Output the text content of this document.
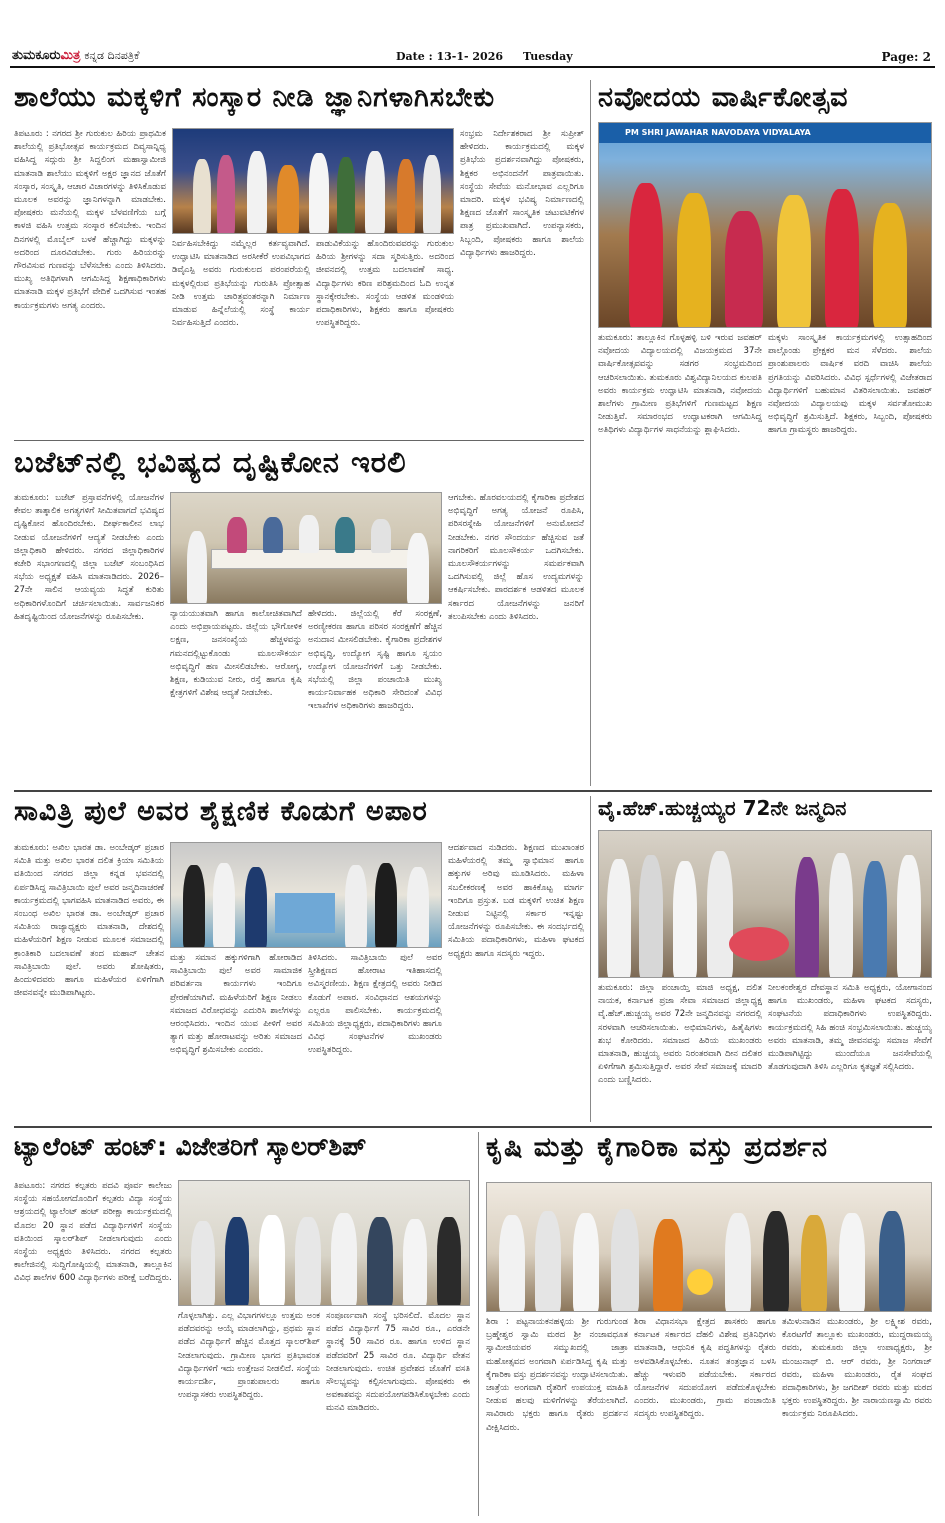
ತುಮಕೂರುಮಿತ್ರ ಕನ್ನಡ ದಿನಪತ್ರಿಕೆ	Date : 13-1- 2026 Tuesday	Page: 2
ಶಾಲೆಯು ಮಕ್ಕಳಿಗೆ ಸಂಸ್ಕಾರ ನೀಡಿ ಜ್ಞಾನಿಗಳಾಗಿಸಬೇಕು
ತಿಪಟೂರು : ನಗರದ ಶ್ರೀ ಗುರುಕುಲ ಹಿರಿಯ ಪ್ರಾಥಮಿಕ ಶಾಲೆಯಲ್ಲಿ ಪ್ರತಿಭೋತ್ಸವ ಕಾರ್ಯಕ್ರಮದ ದಿವ್ಯಸಾನ್ನಿಧ್ಯ ವಹಿಸಿದ್ದ ಸದ್ಗುರು ಶ್ರೀ ಸಿದ್ದಲಿಂಗ ಮಹಾಸ್ವಾಮೀಜಿ ಮಾತನಾಡಿ ಶಾಲೆಯು ಮಕ್ಕಳಿಗೆ ಅಕ್ಷರ ಜ್ಞಾನದ ಜೊತೆಗೆ ಸಂಸ್ಕಾರ, ಸಂಸ್ಕೃತಿ, ಆಚಾರ ವಿಚಾರಗಳನ್ನು ತಿಳಿಸಿಕೊಡುವ ಮೂಲಕ ಅವರನ್ನು ಜ್ಞಾನಿಗಳನ್ನಾಗಿ ಮಾಡಬೇಕು. ಪೋಷಕರು ಮನೆಯಲ್ಲಿ ಮಕ್ಕಳ ಬೆಳವಣಿಗೆಯ ಬಗ್ಗೆ ಕಾಳಜಿ ವಹಿಸಿ ಉತ್ತಮ ಸಂಸ್ಕಾರ ಕಲಿಸಬೇಕು. ಇಂದಿನ ದಿನಗಳಲ್ಲಿ ಮೊಬೈಲ್ ಬಳಕೆ ಹೆಚ್ಚಾಗಿದ್ದು ಮಕ್ಕಳನ್ನು ಅದರಿಂದ ದೂರವಿಡಬೇಕು. ಗುರು ಹಿರಿಯರನ್ನು ಗೌರವಿಸುವ ಗುಣವನ್ನು ಬೆಳೆಸಬೇಕು ಎಂದು ತಿಳಿಸಿದರು. ಮುಖ್ಯ ಅತಿಥಿಗಳಾಗಿ ಆಗಮಿಸಿದ್ದ ಶಿಕ್ಷಣಾಧಿಕಾರಿಗಳು ಮಾತನಾಡಿ ಮಕ್ಕಳ ಪ್ರತಿಭೆಗೆ ವೇದಿಕೆ ಒದಗಿಸುವ ಇಂತಹ ಕಾರ್ಯಕ್ರಮಗಳು ಅಗತ್ಯ ಎಂದರು.
ನಿರ್ವಹಿಸಬೇಕಿದ್ದು ನಮ್ಮೆಲ್ಲರ ಕರ್ತವ್ಯವಾಗಿದೆ. ಉದ್ಘಾಟಿಸಿ ಮಾತನಾಡಿದ ಅರಸೀಕೆರೆ ಉಪವಿಭಾಗದ ಡಿವೈಎಸ್ಪಿ ಅವರು ಗುರುಕುಲದ ಪರಂಪರೆಯಲ್ಲಿ ಮಕ್ಕಳಲ್ಲಿರುವ ಪ್ರತಿಭೆಯನ್ನು ಗುರುತಿಸಿ ಪ್ರೋತ್ಸಾಹ ನೀಡಿ ಉತ್ತಮ ಚಾರಿತ್ರ್ಯವಂತರನ್ನಾಗಿ ನಿರ್ಮಾಣ ಮಾಡುವ ಹಿನ್ನೆಲೆಯಲ್ಲಿ ಸಂಸ್ಥೆ ಕಾರ್ಯ ನಿರ್ವಹಿಸುತ್ತಿದೆ ಎಂದರು.
ಪಾಡುವಿಕೆಯನ್ನು ಹೊಂದಿರುವವರನ್ನು ಗುರುಕುಲ ಹಿರಿಯ ಶ್ರೀಗಳನ್ನು ಸದಾ ಸ್ಮರಿಸುತ್ತಿರು. ಅದರಿಂದ ಜೀವನದಲ್ಲಿ ಉತ್ತಮ ಬದಲಾವಣೆ ಸಾಧ್ಯ. ವಿದ್ಯಾರ್ಥಿಗಳು ಕಠಿಣ ಪರಿಶ್ರಮದಿಂದ ಓದಿ ಉನ್ನತ ಸ್ಥಾನಕ್ಕೇರಬೇಕು. ಸಂಸ್ಥೆಯ ಆಡಳಿತ ಮಂಡಳಿಯ ಪದಾಧಿಕಾರಿಗಳು, ಶಿಕ್ಷಕರು ಹಾಗೂ ಪೋಷಕರು ಉಪಸ್ಥಿತರಿದ್ದರು.
ಸಂಭ್ರಮ ನಿರ್ದೇಶಕರಾದ ಶ್ರೀ ಸುಪ್ರೀತ್ ಹೇಳಿದರು. ಕಾರ್ಯಕ್ರಮದಲ್ಲಿ ಮಕ್ಕಳ ಪ್ರತಿಭೆಯ ಪ್ರದರ್ಶನವಾಗಿದ್ದು ಪೋಷಕರು, ಶಿಕ್ಷಕರ ಅಭಿನಂದನೆಗೆ ಪಾತ್ರವಾಯಿತು. ಸಂಸ್ಥೆಯ ಸೇವೆಯ ಮನೋಭಾವ ಎಲ್ಲರಿಗೂ ಮಾದರಿ. ಮಕ್ಕಳ ಭವಿಷ್ಯ ನಿರ್ಮಾಣದಲ್ಲಿ ಶಿಕ್ಷಣದ ಜೊತೆಗೆ ಸಾಂಸ್ಕೃತಿಕ ಚಟುವಟಿಕೆಗಳ ಪಾತ್ರ ಪ್ರಮುಖವಾಗಿದೆ. ಉಪನ್ಯಾಸಕರು, ಸಿಬ್ಬಂದಿ, ಪೋಷಕರು ಹಾಗೂ ಶಾಲೆಯ ವಿದ್ಯಾರ್ಥಿಗಳು ಹಾಜರಿದ್ದರು.
ನವೋದಯ ವಾರ್ಷಿಕೋತ್ಸವ
PM SHRI JAWAHAR NAVODAYA VIDYALAYA
ತುಮಕೂರು: ತಾಲ್ಲೂಕಿನ ಗೊಳ್ಳಹಳ್ಳಿ ಬಳಿ ಇರುವ ಜವಹರ್ ನವೋದಯ ವಿದ್ಯಾಲಯದಲ್ಲಿ ವಿಜಯಕ್ರಮದ 37ನೇ ವಾರ್ಷಿಕೋತ್ಸವವನ್ನು ಸಡಗರ ಸಂಭ್ರಮದಿಂದ ಆಚರಿಸಲಾಯಿತು. ತುಮಕೂರು ವಿಶ್ವವಿದ್ಯಾನಿಲಯದ ಕುಲಪತಿ ಅವರು ಕಾರ್ಯಕ್ರಮ ಉದ್ಘಾಟಿಸಿ ಮಾತನಾಡಿ, ನವೋದಯ ಶಾಲೆಗಳು ಗ್ರಾಮೀಣ ಪ್ರತಿಭೆಗಳಿಗೆ ಗುಣಮಟ್ಟದ ಶಿಕ್ಷಣ ನೀಡುತ್ತಿವೆ. ಸಮಾರಂಭದ ಉದ್ಘಾಟಕರಾಗಿ ಆಗಮಿಸಿದ್ದ ಅತಿಥಿಗಳು ವಿದ್ಯಾರ್ಥಿಗಳ ಸಾಧನೆಯನ್ನು ಶ್ಲಾಘಿಸಿದರು.
ಮಕ್ಕಳು ಸಾಂಸ್ಕೃತಿಕ ಕಾರ್ಯಕ್ರಮಗಳಲ್ಲಿ ಉತ್ಸಾಹದಿಂದ ಪಾಲ್ಗೊಂಡು ಪ್ರೇಕ್ಷಕರ ಮನ ಸೆಳೆದರು. ಶಾಲೆಯ ಪ್ರಾಂಶುಪಾಲರು ವಾರ್ಷಿಕ ವರದಿ ವಾಚಿಸಿ ಶಾಲೆಯ ಪ್ರಗತಿಯನ್ನು ವಿವರಿಸಿದರು. ವಿವಿಧ ಸ್ಪರ್ಧೆಗಳಲ್ಲಿ ವಿಜೇತರಾದ ವಿದ್ಯಾರ್ಥಿಗಳಿಗೆ ಬಹುಮಾನ ವಿತರಿಸಲಾಯಿತು. ಜವಹರ್ ನವೋದಯ ವಿದ್ಯಾಲಯವು ಮಕ್ಕಳ ಸರ್ವತೋಮುಖ ಅಭಿವೃದ್ಧಿಗೆ ಶ್ರಮಿಸುತ್ತಿದೆ. ಶಿಕ್ಷಕರು, ಸಿಬ್ಬಂದಿ, ಪೋಷಕರು ಹಾಗೂ ಗ್ರಾಮಸ್ಥರು ಹಾಜರಿದ್ದರು.
ಬಜೆಟ್‌ನಲ್ಲಿ ಭವಿಷ್ಯದ ದೃಷ್ಟಿಕೋನ ಇರಲಿ
ತುಮಕೂರು: ಬಜೆಟ್ ಪ್ರಸ್ತಾವನೆಗಳಲ್ಲಿ ಯೋಜನೆಗಳ ಕೇವಲ ತಾತ್ಕಾಲಿಕ ಅಗತ್ಯಗಳಿಗೆ ಸೀಮಿತವಾಗದೆ ಭವಿಷ್ಯದ ದೃಷ್ಟಿಕೋನ ಹೊಂದಿರಬೇಕು. ದೀರ್ಘಕಾಲೀನ ಲಾಭ ನೀಡುವ ಯೋಜನೆಗಳಿಗೆ ಆದ್ಯತೆ ನೀಡಬೇಕು ಎಂದು ಜಿಲ್ಲಾಧಿಕಾರಿ ಹೇಳಿದರು. ನಗರದ ಜಿಲ್ಲಾಧಿಕಾರಿಗಳ ಕಚೇರಿ ಸಭಾಂಗಣದಲ್ಲಿ ಜಿಲ್ಲಾ ಬಜೆಟ್ ಸಂಬಂಧಿಸಿದ ಸಭೆಯ ಅಧ್ಯಕ್ಷತೆ ವಹಿಸಿ ಮಾತನಾಡಿದರು. 2026–27ನೇ ಸಾಲಿನ ಆಯವ್ಯಯ ಸಿದ್ಧತೆ ಕುರಿತು ಅಧಿಕಾರಿಗಳೊಂದಿಗೆ ಚರ್ಚಿಸಲಾಯಿತು. ಸಾರ್ವಜನಿಕರ ಹಿತದೃಷ್ಟಿಯಿಂದ ಯೋಜನೆಗಳನ್ನು ರೂಪಿಸಬೇಕು.	ನ್ಯಾಯಯುತವಾಗಿ ಹಾಗೂ ಕಾಲೋಚಿತವಾಗಿದೆ ಎಂದು ಅಭಿಪ್ರಾಯಪಟ್ಟರು. ಜಿಲ್ಲೆಯ ಭೌಗೋಳಿಕ ಲಕ್ಷಣ, ಜನಸಂಖ್ಯೆಯ ಹೆಚ್ಚಳವನ್ನು ಗಮನದಲ್ಲಿಟ್ಟುಕೊಂಡು ಮೂಲಸೌಕರ್ಯ ಅಭಿವೃದ್ಧಿಗೆ ಹಣ ಮೀಸಲಿಡಬೇಕು. ಆರೋಗ್ಯ, ಶಿಕ್ಷಣ, ಕುಡಿಯುವ ನೀರು, ರಸ್ತೆ ಹಾಗೂ ಕೃಷಿ ಕ್ಷೇತ್ರಗಳಿಗೆ ವಿಶೇಷ ಆದ್ಯತೆ ನೀಡಬೇಕು.
ಹೇಳಿದರು. ಜಿಲ್ಲೆಯಲ್ಲಿ ಕೆರೆ ಸಂರಕ್ಷಣೆ, ಅರಣ್ಯೀಕರಣ ಹಾಗೂ ಪರಿಸರ ಸಂರಕ್ಷಣೆಗೆ ಹೆಚ್ಚಿನ ಅನುದಾನ ಮೀಸಲಿಡಬೇಕು. ಕೈಗಾರಿಕಾ ಪ್ರದೇಶಗಳ ಅಭಿವೃದ್ಧಿ, ಉದ್ಯೋಗ ಸೃಷ್ಟಿ ಹಾಗೂ ಸ್ವಯಂ ಉದ್ಯೋಗ ಯೋಜನೆಗಳಿಗೆ ಒತ್ತು ನೀಡಬೇಕು. ಸಭೆಯಲ್ಲಿ ಜಿಲ್ಲಾ ಪಂಚಾಯಿತಿ ಮುಖ್ಯ ಕಾರ್ಯನಿರ್ವಾಹಕ ಅಧಿಕಾರಿ ಸೇರಿದಂತೆ ವಿವಿಧ ಇಲಾಖೆಗಳ ಅಧಿಕಾರಿಗಳು ಹಾಜರಿದ್ದರು.
ಆಗಬೇಕು. ಹೊರವಲಯದಲ್ಲಿ ಕೈಗಾರಿಕಾ ಪ್ರದೇಶದ ಅಭಿವೃದ್ಧಿಗೆ ಅಗತ್ಯ ಯೋಜನೆ ರೂಪಿಸಿ, ಪರಿಸರಸ್ನೇಹಿ ಯೋಜನೆಗಳಿಗೆ ಅನುಮೋದನೆ ನೀಡಬೇಕು. ನಗರ ಸೌಂದರ್ಯ ಹೆಚ್ಚಿಸುವ ಜತೆ ನಾಗರಿಕರಿಗೆ ಮೂಲಸೌಕರ್ಯ ಒದಗಿಸಬೇಕು. ಮೂಲಸೌಕರ್ಯಗಳನ್ನು ಸಮರ್ಪಕವಾಗಿ ಒದಗಿಸುವಲ್ಲಿ ಜಿಲ್ಲೆ ಹೊಸ ಉದ್ಯಮಗಳನ್ನು ಆಕರ್ಷಿಸಬೇಕು. ಪಾರದರ್ಶಕ ಆಡಳಿತದ ಮೂಲಕ ಸರ್ಕಾರದ ಯೋಜನೆಗಳನ್ನು ಜನರಿಗೆ ತಲುಪಿಸಬೇಕು ಎಂದು ತಿಳಿಸಿದರು.
ಸಾವಿತ್ರಿ ಪುಲೆ ಅವರ ಶೈಕ್ಷಣಿಕ ಕೊಡುಗೆ ಅಪಾರ
ತುಮಕೂರು: ಅಖಿಲ ಭಾರತ ಡಾ. ಅಂಬೇಡ್ಕರ್ ಪ್ರಚಾರ ಸಮಿತಿ ಮತ್ತು ಅಖಿಲ ಭಾರತ ದಲಿತ ಕ್ರಿಯಾ ಸಮಿತಿಯ ವತಿಯಿಂದ ನಗರದ ಜಿಲ್ಲಾ ಕನ್ನಡ ಭವನದಲ್ಲಿ ಏರ್ಪಡಿಸಿದ್ದ ಸಾವಿತ್ರಿಬಾಯಿ ಪುಲೆ ಅವರ ಜನ್ಮದಿನಾಚರಣೆ ಕಾರ್ಯಕ್ರಮದಲ್ಲಿ ಭಾಗವಹಿಸಿ ಮಾತನಾಡಿದ ಅವರು, ಈ ಸಂಬಂಧ ಅಖಿಲ ಭಾರತ ಡಾ. ಅಂಬೇಡ್ಕರ್ ಪ್ರಚಾರ ಸಮಿತಿಯ ರಾಜ್ಯಾಧ್ಯಕ್ಷರು ಮಾತನಾಡಿ, ದೇಶದಲ್ಲಿ ಮಹಿಳೆಯರಿಗೆ ಶಿಕ್ಷಣ ನೀಡುವ ಮೂಲಕ ಸಮಾಜದಲ್ಲಿ ಕ್ರಾಂತಿಕಾರಿ ಬದಲಾವಣೆ ತಂದ ಮಹಾನ್ ಚೇತನ ಸಾವಿತ್ರಿಬಾಯಿ ಪುಲೆ. ಅವರು ಶೋಷಿತರು, ಹಿಂದುಳಿದವರು ಹಾಗೂ ಮಹಿಳೆಯರ ಏಳಿಗೆಗಾಗಿ ಜೀವನವನ್ನೇ ಮುಡಿಪಾಗಿಟ್ಟರು.
ಮತ್ತು ಸಮಾನ ಹಕ್ಕುಗಳಿಗಾಗಿ ಹೋರಾಡಿದ ಸಾವಿತ್ರಿಬಾಯಿ ಪುಲೆ ಅವರ ಸಾಮಾಜಿಕ ಪರಿವರ್ತನಾ ಕಾರ್ಯಗಳು ಇಂದಿಗೂ ಪ್ರೇರಣೆಯಾಗಿವೆ. ಮಹಿಳೆಯರಿಗೆ ಶಿಕ್ಷಣ ನೀಡಲು ಸಮಾಜದ ವಿರೋಧವನ್ನು ಎದುರಿಸಿ ಶಾಲೆಗಳನ್ನು ಆರಂಭಿಸಿದರು. ಇಂದಿನ ಯುವ ಪೀಳಿಗೆ ಅವರ ತ್ಯಾಗ ಮತ್ತು ಹೋರಾಟವನ್ನು ಅರಿತು ಸಮಾಜದ ಅಭಿವೃದ್ಧಿಗೆ ಶ್ರಮಿಸಬೇಕು ಎಂದರು.
ತಿಳಿಸಿದರು. ಸಾವಿತ್ರಿಬಾಯಿ ಪುಲೆ ಅವರ ಸ್ತ್ರೀಶಿಕ್ಷಣದ ಹೋರಾಟ ಇತಿಹಾಸದಲ್ಲಿ ಅವಿಸ್ಮರಣೀಯ. ಶಿಕ್ಷಣ ಕ್ಷೇತ್ರದಲ್ಲಿ ಅವರು ನೀಡಿದ ಕೊಡುಗೆ ಅಪಾರ. ಸಂವಿಧಾನದ ಆಶಯಗಳನ್ನು ಎಲ್ಲರೂ ಪಾಲಿಸಬೇಕು. ಕಾರ್ಯಕ್ರಮದಲ್ಲಿ ಸಮಿತಿಯ ಜಿಲ್ಲಾಧ್ಯಕ್ಷರು, ಪದಾಧಿಕಾರಿಗಳು ಹಾಗೂ ವಿವಿಧ ಸಂಘಟನೆಗಳ ಮುಖಂಡರು ಉಪಸ್ಥಿತರಿದ್ದರು.
ಆದರ್ಶವಾದ ನುಡಿದರು. ಶಿಕ್ಷಣದ ಮುಖಾಂತರ ಮಹಿಳೆಯರಲ್ಲಿ ತಮ್ಮ ಸ್ವಾಭಿಮಾನ ಹಾಗೂ ಹಕ್ಕುಗಳ ಅರಿವು ಮೂಡಿಸಿದರು. ಮಹಿಳಾ ಸಬಲೀಕರಣಕ್ಕೆ ಅವರ ಹಾಕಿಕೊಟ್ಟ ಮಾರ್ಗ ಇಂದಿಗೂ ಪ್ರಸ್ತುತ. ಬಡ ಮಕ್ಕಳಿಗೆ ಉಚಿತ ಶಿಕ್ಷಣ ನೀಡುವ ನಿಟ್ಟಿನಲ್ಲಿ ಸರ್ಕಾರ ಇನ್ನಷ್ಟು ಯೋಜನೆಗಳನ್ನು ರೂಪಿಸಬೇಕು. ಈ ಸಂದರ್ಭದಲ್ಲಿ ಸಮಿತಿಯ ಪದಾಧಿಕಾರಿಗಳು, ಮಹಿಳಾ ಘಟಕದ ಅಧ್ಯಕ್ಷರು ಹಾಗೂ ಸದಸ್ಯರು ಇದ್ದರು.
ವೈ.ಹೆಚ್.ಹುಚ್ಚಯ್ಯರ 72ನೇ ಜನ್ಮದಿನ
ತುಮಕೂರು: ಜಿಲ್ಲಾ ಪಂಚಾಯ್ತಿ ಮಾಜಿ ಅಧ್ಯಕ್ಷ, ದಲಿತ ನಾಯಕ, ಕರ್ನಾಟಕ ಪ್ರಜಾ ಸೇವಾ ಸಮಾಜದ ಜಿಲ್ಲಾಧ್ಯಕ್ಷ ವೈ.ಹೆಚ್.ಹುಚ್ಚಯ್ಯ ಅವರ 72ನೇ ಜನ್ಮದಿನವನ್ನು ನಗರದಲ್ಲಿ ಸರಳವಾಗಿ ಆಚರಿಸಲಾಯಿತು. ಅಭಿಮಾನಿಗಳು, ಹಿತೈಷಿಗಳು ಶುಭ ಕೋರಿದರು. ಸಮಾಜದ ಹಿರಿಯ ಮುಖಂಡರು ಮಾತನಾಡಿ, ಹುಚ್ಚಯ್ಯ ಅವರು ನಿರಂತರವಾಗಿ ದೀನ ದಲಿತರ ಏಳಿಗೆಗಾಗಿ ಶ್ರಮಿಸುತ್ತಿದ್ದಾರೆ. ಅವರ ಸೇವೆ ಸಮಾಜಕ್ಕೆ ಮಾದರಿ ಎಂದು ಬಣ್ಣಿಸಿದರು.
ನೀಲಕಂಠೇಶ್ವರ ದೇವಸ್ಥಾನ ಸಮಿತಿ ಅಧ್ಯಕ್ಷರು, ಯೋಗಾನಂದ ಹಾಗೂ ಮುಖಂಡರು, ಮಹಿಳಾ ಘಟಕದ ಸದಸ್ಯರು, ಸಂಘಟನೆಯ ಪದಾಧಿಕಾರಿಗಳು ಉಪಸ್ಥಿತರಿದ್ದರು. ಕಾರ್ಯಕ್ರಮದಲ್ಲಿ ಸಿಹಿ ಹಂಚಿ ಸಂಭ್ರಮಿಸಲಾಯಿತು. ಹುಚ್ಚಯ್ಯ ಅವರು ಮಾತನಾಡಿ, ತಮ್ಮ ಜೀವನವನ್ನು ಸಮಾಜ ಸೇವೆಗೆ ಮುಡಿಪಾಗಿಟ್ಟಿದ್ದು ಮುಂದೆಯೂ ಜನಸೇವೆಯಲ್ಲಿ ತೊಡಗುವುದಾಗಿ ತಿಳಿಸಿ ಎಲ್ಲರಿಗೂ ಕೃತಜ್ಞತೆ ಸಲ್ಲಿಸಿದರು.
ಟ್ಯಾಲೆಂಟ್ ಹಂಟ್: ವಿಜೇತರಿಗೆ ಸ್ಕಾಲರ್‌ಶಿಪ್
ತಿಪಟೂರು: ನಗರದ ಕಲ್ಪತರು ಪದವಿ ಪೂರ್ವ ಕಾಲೇಜು ಸಂಸ್ಥೆಯ ಸಹಯೋಗದೊಂದಿಗೆ ಕಲ್ಪತರು ವಿದ್ಯಾ ಸಂಸ್ಥೆಯ ಆಶ್ರಯದಲ್ಲಿ ಟ್ಯಾಲೆಂಟ್ ಹಂಟ್ ಪರೀಕ್ಷಾ ಕಾರ್ಯಕ್ರಮದಲ್ಲಿ ಮೊದಲ 20 ಸ್ಥಾನ ಪಡೆದ ವಿದ್ಯಾರ್ಥಿಗಳಿಗೆ ಸಂಸ್ಥೆಯ ವತಿಯಿಂದ ಸ್ಕಾಲರ್‌ಶಿಪ್ ನೀಡಲಾಗುವುದು ಎಂದು ಸಂಸ್ಥೆಯ ಅಧ್ಯಕ್ಷರು ತಿಳಿಸಿದರು. ನಗರದ ಕಲ್ಪತರು ಕಾಲೇಜಿನಲ್ಲಿ ಸುದ್ದಿಗೋಷ್ಠಿಯಲ್ಲಿ ಮಾತನಾಡಿ, ತಾಲ್ಲೂಕಿನ ವಿವಿಧ ಶಾಲೆಗಳ 600 ವಿದ್ಯಾರ್ಥಿಗಳು ಪರೀಕ್ಷೆ ಬರೆದಿದ್ದರು.
ಗೊಳ್ಳಲಾಗಿತ್ತು. ಎಲ್ಲ ವಿಭಾಗಗಳಲ್ಲೂ ಉತ್ತಮ ಅಂಕ ಪಡೆದವರನ್ನು ಆಯ್ಕೆ ಮಾಡಲಾಗಿದ್ದು, ಪ್ರಥಮ ಸ್ಥಾನ ಪಡೆದ ವಿದ್ಯಾರ್ಥಿಗೆ ಹೆಚ್ಚಿನ ಮೊತ್ತದ ಸ್ಕಾಲರ್‌ಶಿಪ್ ನೀಡಲಾಗುವುದು. ಗ್ರಾಮೀಣ ಭಾಗದ ಪ್ರತಿಭಾವಂತ ವಿದ್ಯಾರ್ಥಿಗಳಿಗೆ ಇದು ಉತ್ತೇಜನ ನೀಡಲಿದೆ. ಸಂಸ್ಥೆಯ ಕಾರ್ಯದರ್ಶಿ, ಪ್ರಾಂಶುಪಾಲರು ಹಾಗೂ ಉಪನ್ಯಾಸಕರು ಉಪಸ್ಥಿತರಿದ್ದರು.
ಸಂಪೂರ್ಣವಾಗಿ ಸಂಸ್ಥೆ ಭರಿಸಲಿದೆ. ಮೊದಲ ಸ್ಥಾನ ಪಡೆದ ವಿದ್ಯಾರ್ಥಿಗೆ 75 ಸಾವಿರ ರೂ., ಎರಡನೇ ಸ್ಥಾನಕ್ಕೆ 50 ಸಾವಿರ ರೂ. ಹಾಗೂ ಉಳಿದ ಸ್ಥಾನ ಪಡೆದವರಿಗೆ 25 ಸಾವಿರ ರೂ. ವಿದ್ಯಾರ್ಥಿ ವೇತನ ನೀಡಲಾಗುವುದು. ಉಚಿತ ಪ್ರವೇಶದ ಜೊತೆಗೆ ವಸತಿ ಸೌಲಭ್ಯವನ್ನು ಕಲ್ಪಿಸಲಾಗುವುದು. ಪೋಷಕರು ಈ ಅವಕಾಶವನ್ನು ಸದುಪಯೋಗಪಡಿಸಿಕೊಳ್ಳಬೇಕು ಎಂದು ಮನವಿ ಮಾಡಿದರು.
ಕೃಷಿ ಮತ್ತು ಕೈಗಾರಿಕಾ ವಸ್ತು ಪ್ರದರ್ಶನ
ಶಿರಾ : ಪಟ್ಟನಾಯಕನಹಳ್ಳಿಯ ಶ್ರೀ ಗುರುಗುಂಡ ಬ್ರಹ್ಮೇಶ್ವರ ಸ್ವಾಮಿ ಮಠದ ಶ್ರೀ ನಂಜಾವಧೂತ ಸ್ವಾಮೀಜಿಯವರ ಸಮ್ಮುಖದಲ್ಲಿ ಜಾತ್ರಾ ಮಹೋತ್ಸವದ ಅಂಗವಾಗಿ ಏರ್ಪಡಿಸಿದ್ದ ಕೃಷಿ ಮತ್ತು ಕೈಗಾರಿಕಾ ವಸ್ತು ಪ್ರದರ್ಶನವನ್ನು ಉದ್ಘಾಟಿಸಲಾಯಿತು. ಜಾತ್ರೆಯ ಅಂಗವಾಗಿ ರೈತರಿಗೆ ಉಪಯುಕ್ತ ಮಾಹಿತಿ ನೀಡುವ ಹಲವು ಮಳಿಗೆಗಳನ್ನು ತೆರೆಯಲಾಗಿದೆ. ಸಾವಿರಾರು ಭಕ್ತರು ಹಾಗೂ ರೈತರು ಪ್ರದರ್ಶನ ವೀಕ್ಷಿಸಿದರು.
ಶಿರಾ ವಿಧಾನಸಭಾ ಕ್ಷೇತ್ರದ ಶಾಸಕರು ಹಾಗೂ ಕರ್ನಾಟಕ ಸರ್ಕಾರದ ದೆಹಲಿ ವಿಶೇಷ ಪ್ರತಿನಿಧಿಗಳು ಮಾತನಾಡಿ, ಆಧುನಿಕ ಕೃಷಿ ಪದ್ಧತಿಗಳನ್ನು ರೈತರು ಅಳವಡಿಸಿಕೊಳ್ಳಬೇಕು. ನೂತನ ತಂತ್ರಜ್ಞಾನ ಬಳಸಿ ಹೆಚ್ಚು ಇಳುವರಿ ಪಡೆಯಬೇಕು. ಸರ್ಕಾರದ ಯೋಜನೆಗಳ ಸದುಪಯೋಗ ಪಡೆದುಕೊಳ್ಳಬೇಕು ಎಂದರು. ಮುಖಂಡರು, ಗ್ರಾಮ ಪಂಚಾಯಿತಿ ಸದಸ್ಯರು ಉಪಸ್ಥಿತರಿದ್ದರು.
ತಮಿಳುನಾಡಿನ ಮುಖಂಡರು, ಶ್ರೀ ಲಕ್ಷ್ಮೀಶ ರವರು, ಕೊರಟಗೆರೆ ತಾಲ್ಲೂಕು ಮುಖಂಡರು, ಮುದ್ದರಾಮಯ್ಯ ರವರು, ತುಮಕೂರು ಜಿಲ್ಲಾ ಉಪಾಧ್ಯಕ್ಷರು, ಶ್ರೀ ಮಂಜುನಾಥ್ ಬಿ. ಆರ್ ರವರು, ಶ್ರೀ ನಿಂಗರಾಜ್ ರವರು, ಮಹಿಳಾ ಮುಖಂಡರು, ರೈತ ಸಂಘದ ಪದಾಧಿಕಾರಿಗಳು, ಶ್ರೀ ಜಗದೀಶ್ ರವರು ಮತ್ತು ಮಠದ ಭಕ್ತರು ಉಪಸ್ಥಿತರಿದ್ದರು. ಶ್ರೀ ನಾರಾಯಣಸ್ವಾಮಿ ರವರು ಕಾರ್ಯಕ್ರಮ ನಿರೂಪಿಸಿದರು.
